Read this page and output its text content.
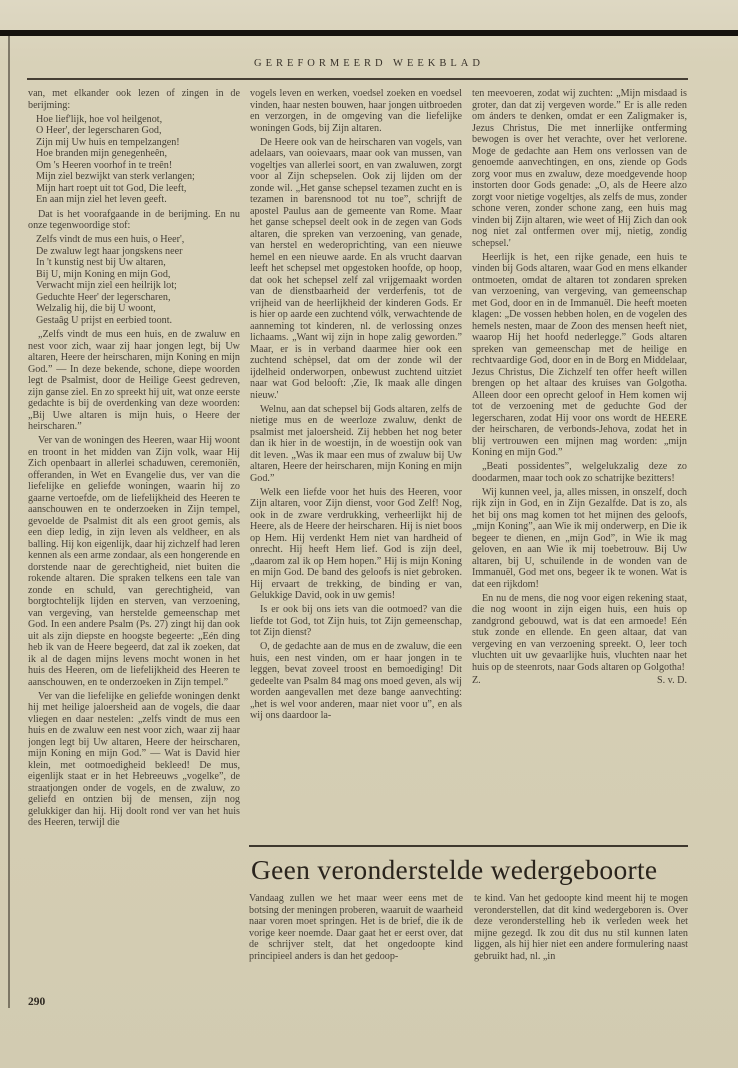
GEREFORMEERD WEEKBLAD
van, met elkander ook lezen of zingen in de berijming:
Hoe lief'lijk, hoe vol heilgenot,
O Heer', der legerscharen God,
Zijn mij Uw huis en tempelzangen!
Hoe branden mijn genegenheên,
Om 's Heeren voorhof in te treên!
Mijn ziel bezwijkt van sterk verlangen;
Mijn hart roept uit tot God, Die leeft,
En aan mijn ziel het leven geeft.
Dat is het voorafgaande in de berijming. En nu onze tegenwoordige stof:
Zelfs vindt de mus een huis, o Heer',
De zwaluw legt haar jongskens neer
In 't kunstig nest bij Uw altaren,
Bij U, mijn Koning en mijn God,
Verwacht mijn ziel een heilrijk lot;
Geduchte Heer' der legerscharen,
Welzalig hij, die bij U woont,
Gestaâg U prijst en eerbied toont.
„Zelfs vindt de mus een huis, en de zwaluw en nest voor zich, waar zij haar jongen legt, bij Uw altaren, Heere der heirscharen, mijn Koning en mijn God.” — In deze bekende, schone, diepe woorden legt de Psalmist, door de Heilige Geest gedreven, zijn ganse ziel. En zo spreekt hij uit, wat onze eerste gedachte is bij de overdenking van deze woorden: „Bij Uwe altaren is mijn huis, o Heere der heirscharen.”
Ver van de woningen des Heeren, waar Hij woont en troont in het midden van Zijn volk, waar Hij Zich openbaart in allerlei schaduwen, ceremoniën, offeranden, in Wet en Evangelie dus, ver van die liefelijke en geliefde woningen, waarin hij zo gaarne vertoefde, om de liefelijkheid des Heeren te aanschouwen en te onderzoeken in Zijn tempel, gevoelde de Psalmist dit als een groot gemis, als een diep ledig, in zijn leven als veldheer, en als balling. Hij kon eigenlijk, daar hij zichzelf had leren kennen als een arme zondaar, als een hongerende en dorstende naar de gerechtigheid, niet buiten die rokende altaren. Die spraken telkens een tale van zonde en schuld, van gerechtigheid, van borgtochtelijk lijden en sterven, van verzoening, van vergeving, van herstelde gemeenschap met God. In een andere Psalm (Ps. 27) zingt hij dan ook uit als zijn diepste en hoogste begeerte: „Eén ding heb ik van de Heere begeerd, dat zal ik zoeken, dat ik al de dagen mijns levens mocht wonen in het huis des Heeren, om de liefelijkheid des Heeren te aanschouwen, en te onderzoeken in Zijn tempel.”
Ver van die liefelijke en geliefde woningen denkt hij met heilige jaloersheid aan de vogels, die daar vliegen en daar nestelen: „zelfs vindt de mus een huis en de zwaluw een nest voor zich, waar zij haar jongen legt bij Uw altaren, Heere der heirscharen, mijn Koning en mijn God.” — Wat is David hier klein, met ootmoedigheid bekleed! De mus, eigenlijk staat er in het Hebreeuws „vogelke”, de straatjongen onder de vogels, en de zwaluw, zo geliefd en ontzien bij de mensen, zijn nog gelukkiger dan hij. Hij doolt rond ver van het huis des Heeren, terwijl die
vogels leven en werken, voedsel zoeken en voedsel vinden, haar nesten bouwen, haar jongen uitbroeden en verzorgen, in de omgeving van die liefelijke woningen Gods, bij Zijn altaren.
De Heere ook van de heirscharen van vogels, van adelaars, van ooievaars, maar ook van mussen, van vogeltjes van allerlei soort, en van zwaluwen, zorgt voor al Zijn schepselen. Ook zij lijden om der zonde wil. „Het ganse schepsel tezamen zucht en is tezamen in barensnood tot nu toe”, schrijft de apostel Paulus aan de gemeente van Rome. Maar het ganse schepsel deelt ook in de zegen van Gods altaren, die spreken van verzoening, van genade, van herstel en wederoprichting, van een nieuwe hemel en een nieuwe aarde. En als vrucht daarvan leeft het schepsel met opgestoken hoofde, op hoop, dat ook het schepsel zelf zal vrijgemaakt worden van de dienstbaarheid der verderfenis, tot de vrijheid van de heerlijkheid der kinderen Gods. Er is hier op aarde een zuchtend vólk, verwachtende de aanneming tot kinderen, nl. de verlossing onzes lichaams. „Want wij zijn in hope zalig geworden.” Maar, er is in verband daarmee hier ook een zuchtend schèpsel, dat om der zonde wil der ijdelheid onderworpen, onbewust zuchtend uitziet naar wat God belooft: ,Zie, Ik maak alle dingen nieuw.'
Welnu, aan dat schepsel bij Gods altaren, zelfs de nietige mus en de weerloze zwaluw, denkt de psalmist met jaloersheid. Zij hebben het nog beter dan ik hier in de woestijn, in de woestijn ook van dit leven. „Was ik maar een mus of zwaluw bij Uw altaren, Heere der heirscharen, mijn Koning en mijn God.”
Welk een liefde voor het huis des Heeren, voor Zijn altaren, voor Zijn dienst, voor God Zelf! Nog, ook in de zware verdrukking, verheerlijkt hij de Heere, als de Heere der heirscharen. Hij is niet boos op Hem. Hij verdenkt Hem niet van hardheid of onrecht. Hij heeft Hem lief. God is zijn deel, „daarom zal ik op Hem hopen.” Hij is mijn Koning en mijn God. De band des geloofs is niet gebroken. Hij ervaart de trekking, de binding er van, Gelukkige David, ook in uw gemis!
Is er ook bij ons iets van die ootmoed? van die liefde tot God, tot Zijn huis, tot Zijn gemeenschap, tot Zijn dienst?
O, de gedachte aan de mus en de zwaluw, die een huis, een nest vinden, om er haar jongen in te leggen, bevat zoveel troost en bemoediging! Dit gedeelte van Psalm 84 mag ons moed geven, als wij worden aangevallen met deze bange aanvechting: „het is wel voor anderen, maar niet voor u”, en als wij ons daardoor la-
ten meevoeren, zodat wij zuchten: „Mijn misdaad is groter, dan dat zij vergeven worde.” Er is alle reden om ánders te denken, omdat er een Zaligmaker is, Jezus Christus, Die met innerlijke ontferming bewogen is over het verachte, over het verlorene. Moge de gedachte aan Hem ons verlossen van de genoemde aanvechtingen, en ons, ziende op Gods zorg voor mus en zwaluw, deze moedgevende hoop instorten door Gods genade: „O, als de Heere alzo zorgt voor nietige vogeltjes, als zelfs de mus, zonder schone veren, zonder schone zang, een huis mag vinden bij Zijn altaren, wie weet of Hij Zich dan ook nog niet zal ontfermen over mij, nietig, zondig schepsel.'
Heerlijk is het, een rijke genade, een huis te vinden bij Gods altaren, waar God en mens elkander ontmoeten, omdat de altaren tot zondaren spreken van verzoening, van vergeving, van gemeenschap met God, door en in de Immanuël. Die heeft moeten klagen: „De vossen hebben holen, en de vogelen des hemels nesten, maar de Zoon des mensen heeft niet, waarop Hij het hoofd nederlegge.” Gods altaren spreken van gemeenschap met de heilige en rechtvaardige God, door en in de Borg en Middelaar, Jezus Christus, Die Zichzelf ten offer heeft willen brengen op het altaar des kruises van Golgotha. Alleen door een oprecht geloof in Hem komen wij tot de verzoening met de geduchte God der legerscharen, zodat Hij voor ons wordt de HEERE der heirscharen, de verbonds-Jehova, zodat het in blij vertrouwen een mijnen mag worden: „mijn Koning en mijn God.”
„Beati possidentes”, welgelukzalig deze zo doodarmen, maar toch ook zo schatrijke bezitters!
Wij kunnen veel, ja, alles missen, in onszelf, doch rijk zijn in God, en in Zijn Gezalfde. Dat is zo, als het bij ons mag komen tot het mijnen des geloofs, „mijn Koning”, aan Wie ik mij onderwerp, en Die ik begeer te dienen, en „mijn God”, in Wie ik mag geloven, en aan Wie ik mij toebetrouw. Bij Uw altaren, bij U, schuilende in de wonden van de Immanuël, God met ons, begeer ik te wonen. Wat is dat een rijkdom!
En nu de mens, die nog voor eigen rekening staat, die nog woont in zijn eigen huis, een huis op zandgrond gebouwd, wat is dat een armoede! Eén stuk zonde en ellende. En geen altaar, dat van vergeving en van verzoening spreekt. O, leer toch vluchten uit uw gevaarlijke huis, vluchten naar het huis op de steenrots, naar Gods altaren op Golgotha!
Z.	S. v. D.
Geen veronderstelde wedergeboorte
Vandaag zullen we het maar weer eens met de botsing der meningen proberen, waaruit de waarheid naar voren moet springen. Het is de brief, die ik de vorige keer noemde. Daar gaat het er eerst over, dat de schrijver stelt, dat het ongedoopte kind principieel anders is dan het gedoop-
te kind. Van het gedoopte kind meent hij te mogen veronderstellen, dat dit kind wedergeboren is. Over deze veronderstelling heb ik verleden week het mijne gezegd. Ik zou dit dus nu stil kunnen laten liggen, als hij hier niet een andere formulering naast gebruikt had, nl. „in
290
